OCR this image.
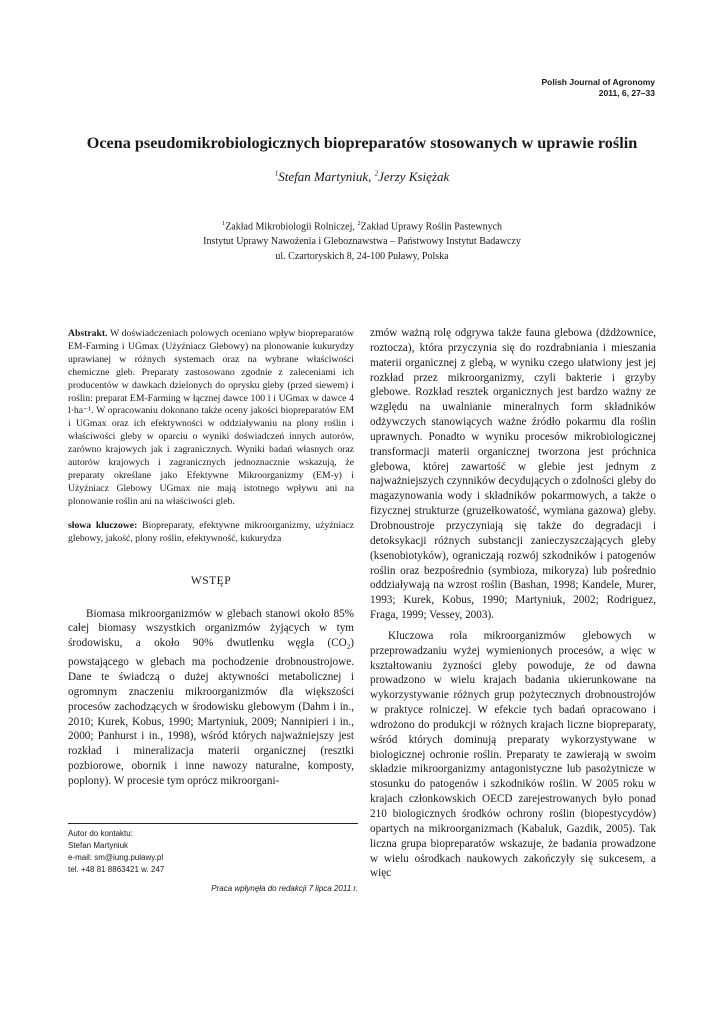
Polish Journal of Agronomy
2011, 6, 27–33
Ocena pseudomikrobiologicznych biopreparatów stosowanych w uprawie roślin
$^1$Stefan Martyniuk, $^2$Jerzy Księżak
$^1$Zakład Mikrobiologii Rolniczej, $^2$Zakład Uprawy Roślin Pastewnych
Instytut Uprawy Nawożenia i Gleboznawstwa – Państwowy Instytut Badawczy
ul. Czartoryskich 8, 24-100 Puławy, Polska

Abstrakt. W doświadczeniach polowych oceniano wpływ biopreparatów EM-Farming i UGmax (Użyźniacz Glebowy) na plonowanie kukurydzy uprawianej w różnych systemach oraz na wybrane właściwości chemiczne gleb. Preparaty zastosowano zgodnie z zaleceniami ich producentów w dawkach dzielonych do oprysku gleby (przed siewem) i roślin: preparat EM-Farming w łącznej dawce 100 l i UGmax w dawce 4 l·ha⁻¹. W opracowaniu dokonano także oceny jakości biopreparatów EM i UGmax oraz ich efektywności w oddziaływaniu na plony roślin i właściwości gleby w oparciu o wyniki doświadczeń innych autorów, zarówno krajowych jak i zagranicznych. Wyniki badań własnych oraz autorów krajowych i zagranicznych jednoznacznie wskazują, że preparaty określane jako Efektywne Mikroorganizmy (EM-y) i Użyźniacz Glebowy UGmax nie mają istotnego wpływu ani na plonowanie roślin ani na właściwości gleb.

słowa kluczowe: Biopreparaty, efektywne mikroorganizmy, użyźniacz glebowy, jakość, plony roślin, efektywność, kukurydza

WSTĘP

Biomasa mikroorganizmów w glebach stanowi około 85% całej biomasy wszystkich organizmów żyjących w tym środowisku, a około 90% dwutlenku węgla $(CO_2)$ powstającego w glebach ma pochodzenie drobnoustrojowe. Dane te świadczą o dużej aktywności metabolicznej i ogromnym znaczeniu mikroorganizmów dla większości procesów zachodzących w środowisku glebowym (Dahm i in., 2010; Kurek, Kobus, 1990; Martyniuk, 2009; Nannipieri i in., 2000; Panhurst i in., 1998), wśród których najważniejszy jest rozkład i mineralizacja materii organicznej (resztki pozbiorowe, obornik i inne nawozy naturalne, komposty, poplony). W procesie tym oprócz mikroorgani-

zmów ważną rolę odgrywa także fauna glebowa (dżdżownice, roztocza), która przyczynia się do rozdrabniania i mieszania materii organicznej z glebą, w wyniku czego ułatwiony jest jej rozkład przez mikroorganizmy, czyli bakterie i grzyby glebowe. Rozkład resztek organicznych jest bardzo ważny ze względu na uwalnianie mineralnych form składników odżywczych stanowiących ważne źródło pokarmu dla roślin uprawnych. Ponadto w wyniku procesów mikrobiologicznej transformacji materii organicznej tworzona jest próchnica glebowa, której zawartość w glebie jest jednym z najważniejszych czynników decydujących o zdolności gleby do magazynowania wody i składników pokarmowych, a także o fizycznej strukturze (gruzełkowatość, wymiana gazowa) gleby. Drobnoustroje przyczyniają się także do degradacji i detoksykacji różnych substancji zanieczyszczających gleby (ksenobiotyków), ograniczają rozwój szkodników i patogenów roślin oraz bezpośrednio (symbioza, mikoryza) lub pośrednio oddziaływają na wzrost roślin (Bashan, 1998; Kandele, Murer, 1993; Kurek, Kobus, 1990; Martyniuk, 2002; Rodriguez, Fraga, 1999; Vessey, 2003).

Kluczowa rola mikroorganizmów glebowych w przeprowadzaniu wyżej wymienionych procesów, a więc w kształtowaniu żyzności gleby powoduje, że od dawna prowadzono w wielu krajach badania ukierunkowane na wykorzystywanie różnych grup pożytecznych drobnoustrojów w praktyce rolniczej. W efekcie tych badań opracowano i wdrożono do produkcji w różnych krajach liczne biopreparaty, wśród których dominują preparaty wykorzystywane w biologicznej ochronie roślin. Preparaty te zawierają w swoim składzie mikroorganizmy antagonistyczne lub pasożytnicze w stosunku do patogenów i szkodników roślin. W 2005 roku w krajach członkowskich OECD zarejestrowanych było ponad 210 biologicznych środków ochrony roślin (biopestycydów) opartych na mikroorganizmach (Kabaluk, Gazdik, 2005). Tak liczna grupa biopreparatów wskazuje, że badania prowadzone w wielu ośrodkach naukowych zakończyły się sukcesem, a więc

Autor do kontaktu:
Stefan Martyniuk
e-mail: sm@iung.pulawy.pl
tel. +48 81 8863421 w. 247
Praca wpłynęła do redakcji 7 lipca 2011 r.
